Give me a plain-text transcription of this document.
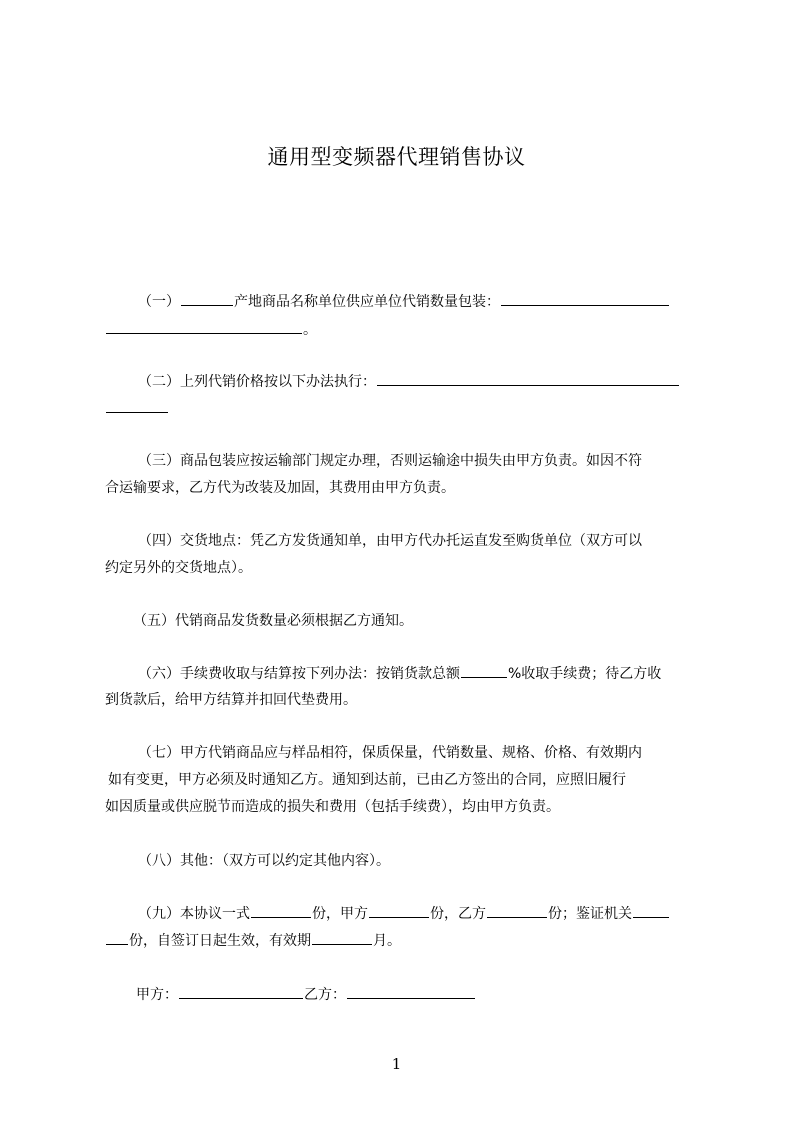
通用型变频器代理销售协议
（一）	产地商品名称单位供应单位代销数量包装：
。
（二）上列代销价格按以下办法执行：
（三）商品包装应按运输部门规定办理，否则运输途中损失由甲方负责。如因不符
合运输要求，乙方代为改装及加固，其费用由甲方负责。
（四）交货地点：凭乙方发货通知单，由甲方代办托运直发至购货单位（双方可以
约定另外的交货地点）。
（五）代销商品发货数量必须根据乙方通知。
（六）手续费收取与结算按下列办法：按销货款总额	%收取手续费；待乙方收
到货款后，给甲方结算并扣回代垫费用。
（七）甲方代销商品应与样品相符，保质保量，代销数量、规格、价格、有效期内
如有变更，甲方必须及时通知乙方。通知到达前，已由乙方签出的合同，应照旧履行
如因质量或供应脱节而造成的损失和费用（包括手续费），均由甲方负责。
（八）其他：（双方可以约定其他内容）。
（九）本协议一式	份，甲方	份，乙方	份；鉴证机关
份，自签订日起生效，有效期	月。
甲方：	乙方：
1
